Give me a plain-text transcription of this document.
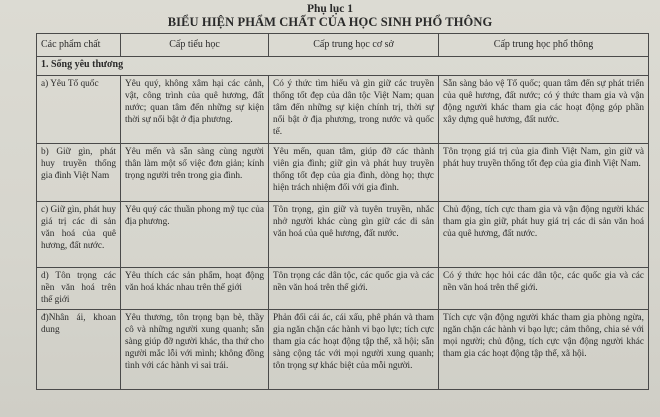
Phụ lục 1
BIỂU HIỆN PHẨM CHẤT CỦA HỌC SINH PHỔ THÔNG
Các phẩm chất	Cấp tiểu học	Cấp trung học cơ sở	Cấp trung học phổ thông
1. Sống yêu thương			
a) Yêu Tổ quốc	Yêu quý, không xâm hại các cảnh, vật, công trình của quê hương, đất nước; quan tâm đến những sự kiện thời sự nổi bật ở địa phương.	Có ý thức tìm hiểu và gìn giữ các truyền thống tốt đẹp của dân tộc Việt Nam; quan tâm đến những sự kiện chính trị, thời sự nổi bật ở địa phương, trong nước và quốc tế.	Sẵn sàng bảo vệ Tổ quốc; quan tâm đến sự phát triển của quê hương, đất nước; có ý thức tham gia và vận động người khác tham gia các hoạt động góp phần xây dựng quê hương, đất nước.
b) Giữ gìn, phát huy truyền thống gia đình Việt Nam	Yêu mến và sẵn sàng cùng người thân làm một số việc đơn giản; kính trọng người trên trong gia đình.	Yêu mến, quan tâm, giúp đỡ các thành viên gia đình; giữ gìn và phát huy truyền thống tốt đẹp của gia đình, dòng họ; thực hiện trách nhiệm đối với gia đình.	Tôn trọng giá trị của gia đình Việt Nam, gìn giữ và phát huy truyền thống tốt đẹp của gia đình Việt Nam.
c) Giữ gìn, phát huy giá trị các di sản văn hoá của quê hương, đất nước.	Yêu quý các thuần phong mỹ tục của địa phương.	Tôn trọng, gìn giữ và tuyên truyền, nhắc nhở người khác cùng gìn giữ các di sản văn hoá của quê hương, đất nước.	Chủ động, tích cực tham gia và vận động người khác tham gia gìn giữ, phát huy giá trị các di sản văn hoá của quê hương, đất nước.
d) Tôn trọng các nền văn hoá trên thế giới	Yêu thích các sản phẩm, hoạt động văn hoá khác nhau trên thế giới	Tôn trọng các dân tộc, các quốc gia và các nền văn hoá trên thế giới.	Có ý thức học hỏi các dân tộc, các quốc gia và các nền văn hoá trên thế giới.
đ)Nhân ái, khoan dung	Yêu thương, tôn trọng bạn bè, thầy cô và những người xung quanh; sẵn sàng giúp đỡ người khác, tha thứ cho người mắc lỗi với mình; không đồng tình với các hành vi sai trái.	Phản đối cái ác, cái xấu, phê phán và tham gia ngăn chặn các hành vi bạo lực; tích cực tham gia các hoạt động tập thể, xã hội; sẵn sàng cộng tác với mọi người xung quanh; tôn trọng sự khác biệt của mỗi người.	Tích cực vận động người khác tham gia phòng ngừa, ngăn chặn các hành vi bạo lực; cảm thông, chia sẻ với mọi người; chủ động, tích cực vận động người khác tham gia các hoạt động tập thể, xã hội.
